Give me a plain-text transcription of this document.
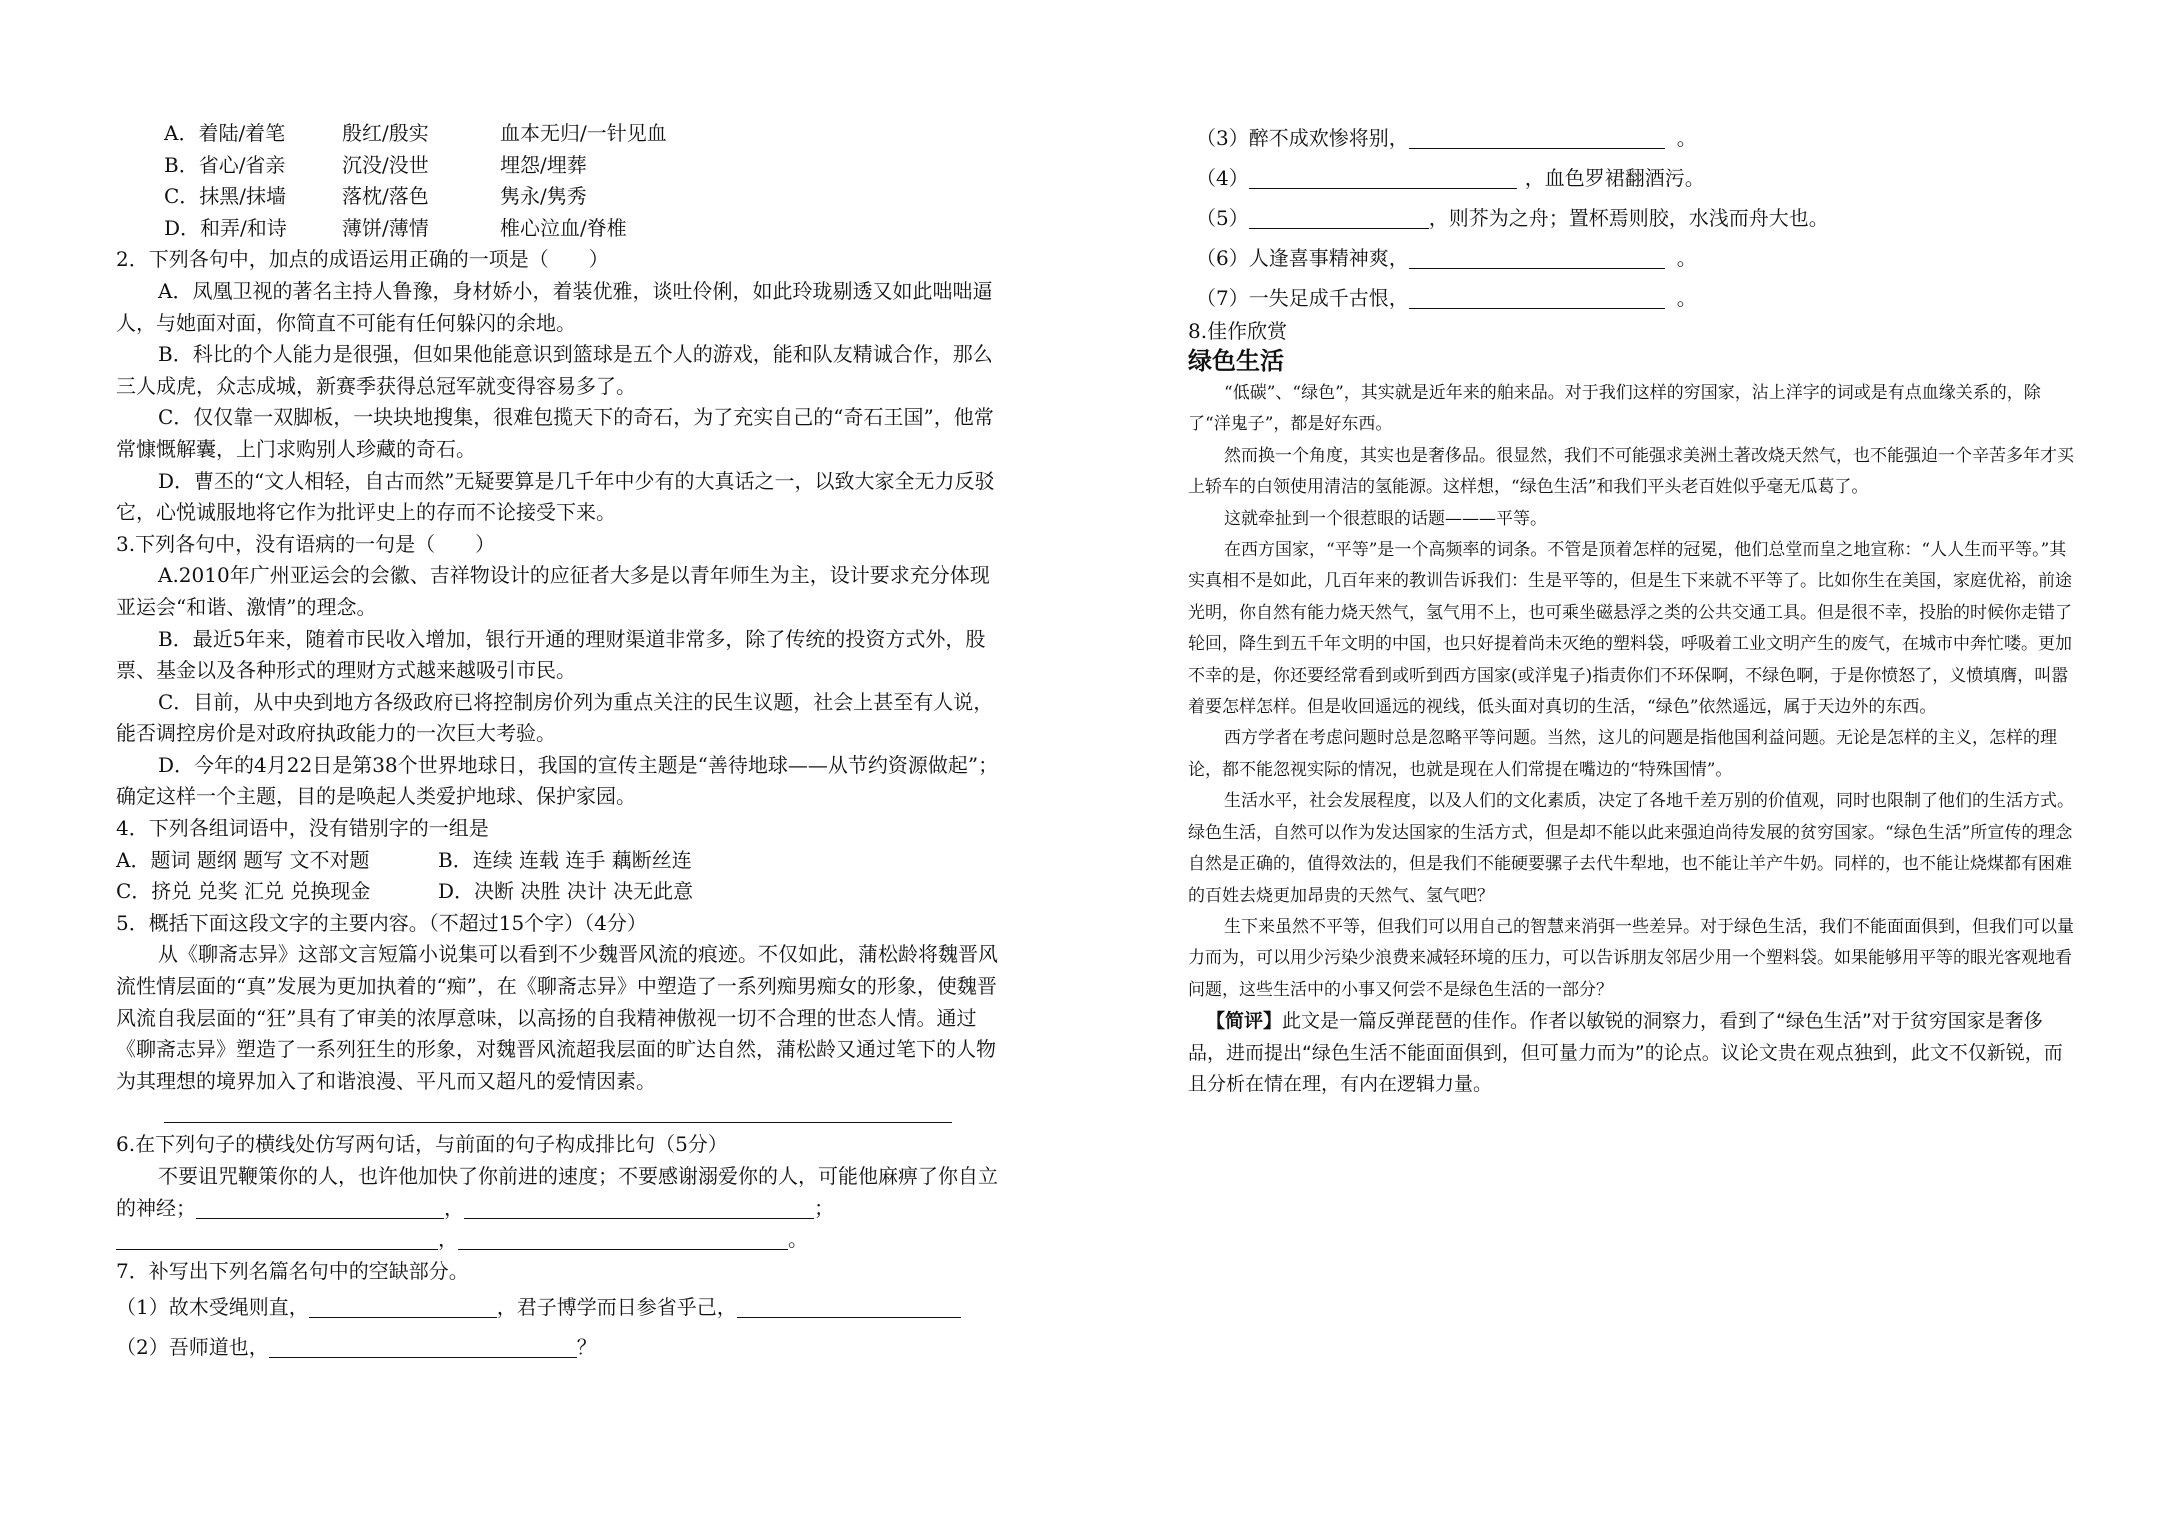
A．着陆/着笔	殷红/殷实	血本无归/一针见血
B．省心/省亲	沉没/没世	埋怨/埋葬
C．抹黑/抹墙	落枕/落色	隽永/隽秀
D．和弄/和诗	薄饼/薄情	椎心泣血/脊椎
2．下列各句中，加点的成语运用正确的一项是（　　）
A．凤凰卫视的著名主持人鲁豫，身材娇小，着装优雅，谈吐伶俐，如此玲珑剔透又如此咄咄逼人，与她面对面，你简直不可能有任何躲闪的余地。
B．科比的个人能力是很强，但如果他能意识到篮球是五个人的游戏，能和队友精诚合作，那么三人成虎，众志成城，新赛季获得总冠军就变得容易多了。
C．仅仅靠一双脚板，一块块地搜集，很难包揽天下的奇石，为了充实自己的“奇石王国”，他常常慷慨解囊，上门求购别人珍藏的奇石。
D．曹丕的“文人相轻，自古而然”无疑要算是几千年中少有的大真话之一，以致大家全无力反驳它，心悦诚服地将它作为批评史上的存而不论接受下来。
3.下列各句中，没有语病的一句是（　　）
A.2010年广州亚运会的会徽、吉祥物设计的应征者大多是以青年师生为主，设计要求充分体现亚运会“和谐、激情”的理念。
B．最近5年来，随着市民收入增加，银行开通的理财渠道非常多，除了传统的投资方式外，股票、基金以及各种形式的理财方式越来越吸引市民。
C．目前，从中央到地方各级政府已将控制房价列为重点关注的民生议题，社会上甚至有人说，能否调控房价是对政府执政能力的一次巨大考验。
D．今年的4月22日是第38个世界地球日，我国的宣传主题是“善待地球——从节约资源做起”；确定这样一个主题，目的是唤起人类爱护地球、保护家园。
4．下列各组词语中，没有错别字的一组是
A．题词 题纲 题写 文不对题	B．连续 连载 连手 藕断丝连
C．挤兑 兑奖 汇兑 兑换现金	D．决断 决胜 决计 决无此意
5．概括下面这段文字的主要内容。（不超过15个字）（4分）
从《聊斋志异》这部文言短篇小说集可以看到不少魏晋风流的痕迹。不仅如此，蒲松龄将魏晋风流性情层面的“真”发展为更加执着的“痴”，在《聊斋志异》中塑造了一系列痴男痴女的形象，使魏晋风流自我层面的“狂”具有了审美的浓厚意味，以高扬的自我精神傲视一切不合理的世态人情。通过《聊斋志异》塑造了一系列狂生的形象，对魏晋风流超我层面的旷达自然，蒲松龄又通过笔下的人物为其理想的境界加入了和谐浪漫、平凡而又超凡的爱情因素。
6.在下列句子的横线处仿写两句话，与前面的句子构成排比句（5分）
不要诅咒鞭策你的人，也许他加快了你前进的速度；不要感谢溺爱你的人，可能他麻痹了你自立的神经；	，	；
，	。
7．补写出下列名篇名句中的空缺部分。
（1）故木受绳则直，	，君子博学而日参省乎己，
（2）吾师道也，	？
（3）醉不成欢惨将别，	。
（4）	，血色罗裙翻酒污。
（5）	，则芥为之舟；置杯焉则胶，水浅而舟大也。
（6）人逢喜事精神爽，	。
（7）一失足成千古恨，	。
8.佳作欣赏
绿色生活

“低碳”、“绿色”，其实就是近年来的舶来品。对于我们这样的穷国家，沾上洋字的词或是有点血缘关系的，除了“洋鬼子”，都是好东西。

然而换一个角度，其实也是奢侈品。很显然，我们不可能强求美洲土著改烧天然气，也不能强迫一个辛苦多年才买上轿车的白领使用清洁的氢能源。这样想，“绿色生活”和我们平头老百姓似乎毫无瓜葛了。

这就牵扯到一个很惹眼的话题———平等。

在西方国家，“平等”是一个高频率的词条。不管是顶着怎样的冠冕，他们总堂而皇之地宣称：“人人生而平等。”其实真相不是如此，几百年来的教训告诉我们：生是平等的，但是生下来就不平等了。比如你生在美国，家庭优裕，前途光明，你自然有能力烧天然气，氢气用不上，也可乘坐磁悬浮之类的公共交通工具。但是很不幸，投胎的时候你走错了轮回，降生到五千年文明的中国，也只好提着尚未灭绝的塑料袋，呼吸着工业文明产生的废气，在城市中奔忙喽。更加不幸的是，你还要经常看到或听到西方国家(或洋鬼子)指责你们不环保啊，不绿色啊，于是你愤怒了，义愤填膺，叫嚣着要怎样怎样。但是收回遥远的视线，低头面对真切的生活，“绿色”依然遥远，属于天边外的东西。

西方学者在考虑问题时总是忽略平等问题。当然，这儿的问题是指他国利益问题。无论是怎样的主义，怎样的理论，都不能忽视实际的情况，也就是现在人们常提在嘴边的“特殊国情”。

生活水平，社会发展程度，以及人们的文化素质，决定了各地千差万别的价值观，同时也限制了他们的生活方式。绿色生活，自然可以作为发达国家的生活方式，但是却不能以此来强迫尚待发展的贫穷国家。“绿色生活”所宣传的理念自然是正确的，值得效法的，但是我们不能硬要骡子去代牛犁地，也不能让羊产牛奶。同样的，也不能让烧煤都有困难的百姓去烧更加昂贵的天然气、氢气吧？

生下来虽然不平等，但我们可以用自己的智慧来消弭一些差异。对于绿色生活，我们不能面面俱到，但我们可以量力而为，可以用少污染少浪费来减轻环境的压力，可以告诉朋友邻居少用一个塑料袋。如果能够用平等的眼光客观地看问题，这些生活中的小事又何尝不是绿色生活的一部分？

【简评】此文是一篇反弹琵琶的佳作。作者以敏锐的洞察力，看到了“绿色生活”对于贫穷国家是奢侈品，进而提出“绿色生活不能面面俱到，但可量力而为”的论点。议论文贵在观点独到，此文不仅新锐，而且分析在情在理，有内在逻辑力量。
